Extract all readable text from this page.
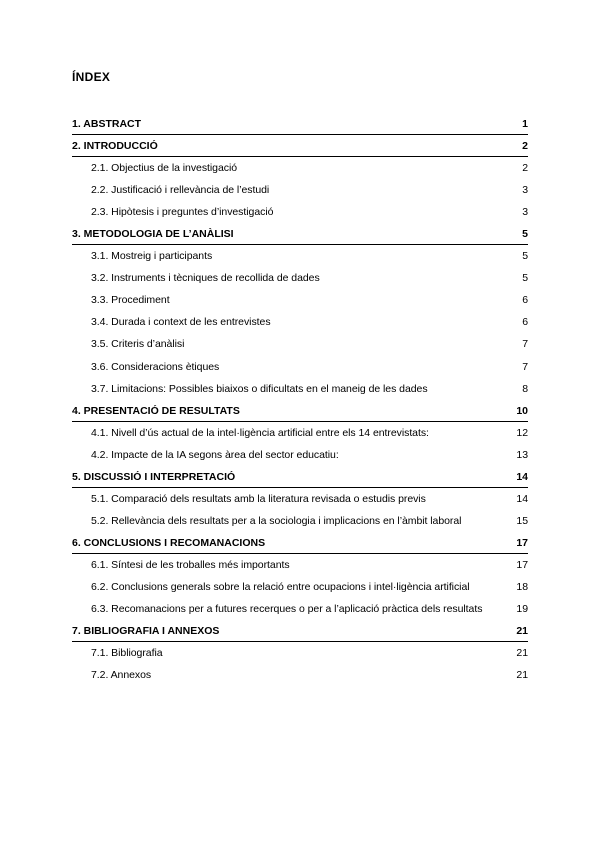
ÍNDEX
1. ABSTRACT	1
2. INTRODUCCIÓ	2
2.1. Objectius de la investigació	2
2.2. Justificació i rellevància de l’estudi	3
2.3. Hipòtesis i preguntes d’investigació	3
3. METODOLOGIA DE L’ANÀLISI	5
3.1. Mostreig i participants	5
3.2. Instruments i tècniques de recollida de dades	5
3.3. Procediment	6
3.4. Durada i context de les entrevistes	6
3.5. Criteris d’anàlisi	7
3.6. Consideracions ètiques	7
3.7. Limitacions: Possibles biaixos o dificultats en el maneig de les dades	8
4. PRESENTACIÓ DE RESULTATS	10
4.1. Nivell d’ús actual de la intel·ligència artificial entre els 14 entrevistats:	12
4.2. Impacte de la IA segons àrea del sector educatiu:	13
5. DISCUSSIÓ I INTERPRETACIÓ	14
5.1. Comparació dels resultats amb la literatura revisada o estudis previs	14
5.2. Rellevància dels resultats per a la sociologia i implicacions en l’àmbit laboral	15
6. CONCLUSIONS I RECOMANACIONS	17
6.1. Síntesi de les troballes més importants	17
6.2. Conclusions generals sobre la relació entre ocupacions i intel·ligència artificial	18
6.3. Recomanacions per a futures recerques o per a l’aplicació pràctica dels resultats	19
7. BIBLIOGRAFIA I ANNEXOS	21
7.1. Bibliografia	21
7.2. Annexos	21
